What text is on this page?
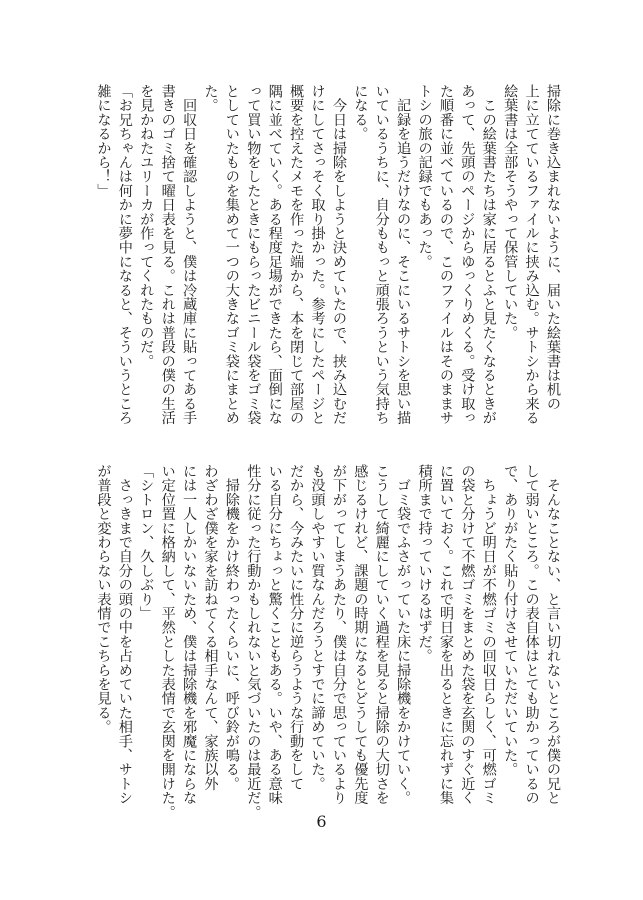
掃除に巻き込まれないように、届いた絵葉書は机の
上に立てているファイルに挟み込む。サトシから来る
絵葉書は全部そうやって保管していた。
　この絵葉書たちは家に居るとふと見たくなるときが
あって、先頭のページからゆっくりめくる。受け取っ
た順番に並べているので、このファイルはそのままサ
トシの旅の記録でもあった。
　記録を追うだけなのに、そこにいるサトシを思い描
いているうちに、自分ももっと頑張ろうという気持ち
になる。
　今日は掃除をしようと決めていたので、挟み込むだ
けにしてさっそく取り掛かった。参考にしたページと
概要を控えたメモを作った端から、本を閉じて部屋の
隅に並べていく。ある程度足場ができたら、面倒にな
って買い物をしたときにもらったビニール袋をゴミ袋
としていたものを集めて一つの大きなゴミ袋にまとめ
た。
　回収日を確認しようと、僕は冷蔵庫に貼ってある手
書きのゴミ捨て曜日表を見る。これは普段の僕の生活
を見かねたユリーカが作ってくれたものだ。
「お兄ちゃんは何かに夢中になると、そういうところ
雑になるから！」
　そんなことない、と言い切れないところが僕の兄と
して弱いところ。この表自体はとても助かっているの
で、ありがたく貼り付けさせていただいていた。
　ちょうど明日が不燃ゴミの回収日らしく、可燃ゴミ
の袋と分けて不燃ゴミをまとめた袋を玄関のすぐ近く
に置いておく。これで明日家を出るときに忘れずに集
積所まで持っていけるはずだ。
　ゴミ袋でふさがっていた床に掃除機をかけていく。
こうして綺麗にしていく過程を見ると掃除の大切さを
感じるけれど、課題の時期になるとどうしても優先度
が下がってしまうあたり、僕は自分で思っているより
も没頭しやすい質なんだろうとすでに諦めていた。
だから、今みたいに性分に逆らうような行動をして
いる自分にちょっと驚くこともある。いや、ある意味
性分に従った行動かもしれないと気づいたのは最近だ。
　掃除機をかけ終わったくらいに、呼び鈴が鳴る。
わざわざ僕を家を訪ねてくる相手なんて、家族以外
には一人しかいないため、僕は掃除機を邪魔にならな
い定位置に格納して、平然とした表情で玄関を開けた。
「シトロン、久しぶり」
　さっきまで自分の頭の中を占めていた相手、サトシ
が普段と変わらない表情でこちらを見る。
6
